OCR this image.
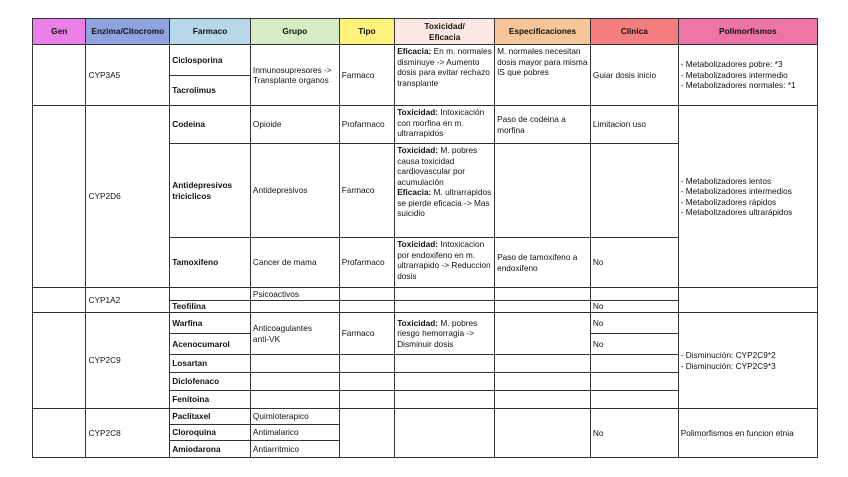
Gen	Enzima/Citocromo	Farmaco	Grupo	Tipo	Toxicidad/
Eficacia	Especificaciones	Clinica	Polimorfismos
	CYP3A5	Ciclosporina	Inmunosupresores ->
Transplante organos	Farmaco	Eficacia: En m. normales disminuye -> Aumento dosis para evitar rechazo transplante	M. normales necesitan dosis mayor para misma IS que pobres	Guiar dosis inicio	- Metabolizadores pobre: *3
- Metabolizadores intermedio
- Metabolizadores normales: *1
		Tacrolimus						
	CYP2D6	Codeina	Opioide	Profarmaco	Toxicidad: Intoxicación con morfina en m. ultrarrapidos	Paso de codeina a morfina	Limitacion uso	- Metabolizadores lentos
- Metabolizadores intermedios
- Metabolizadores rápidos
- Metabolizadores ultrarápidos
		Antidepresivos triciclicos	Antidepresivos	Farmaco	Toxicidad: M. pobres causa toxicidad cardiovascular por acumulación
Eficacia: M. ultrarrapidos se pierde eficacia -> Mas suicidio			
		Tamoxifeno	Cancer de mama	Profarmaco	Toxicidad: Intoxicacion por endoxifeno en m. ultrarrapido -> Reduccion dosis	Paso de tamoxifeno a endoxifeno	No	
	CYP1A2		Psicoactivos					
		Teofilina					No	
	CYP2C9	Warfina	Anticoagulantes
anti-VK	Farmaco	Toxicidad: M. pobres riesgo hemorragia -> Disminuir dosis		No	- Disminución: CYP2C9*2
- Disminución: CYP2C9*3
		Acenocumarol					No	
		Losartan						
		Diclofenaco						
		Fenitoina						
	CYP2C8	Paclitaxel	Quimioterapico				No	Polimorfismos en funcion etnia
		Cloroquina	Antimalarico					
		Amiodarona	Antiarritmico					
